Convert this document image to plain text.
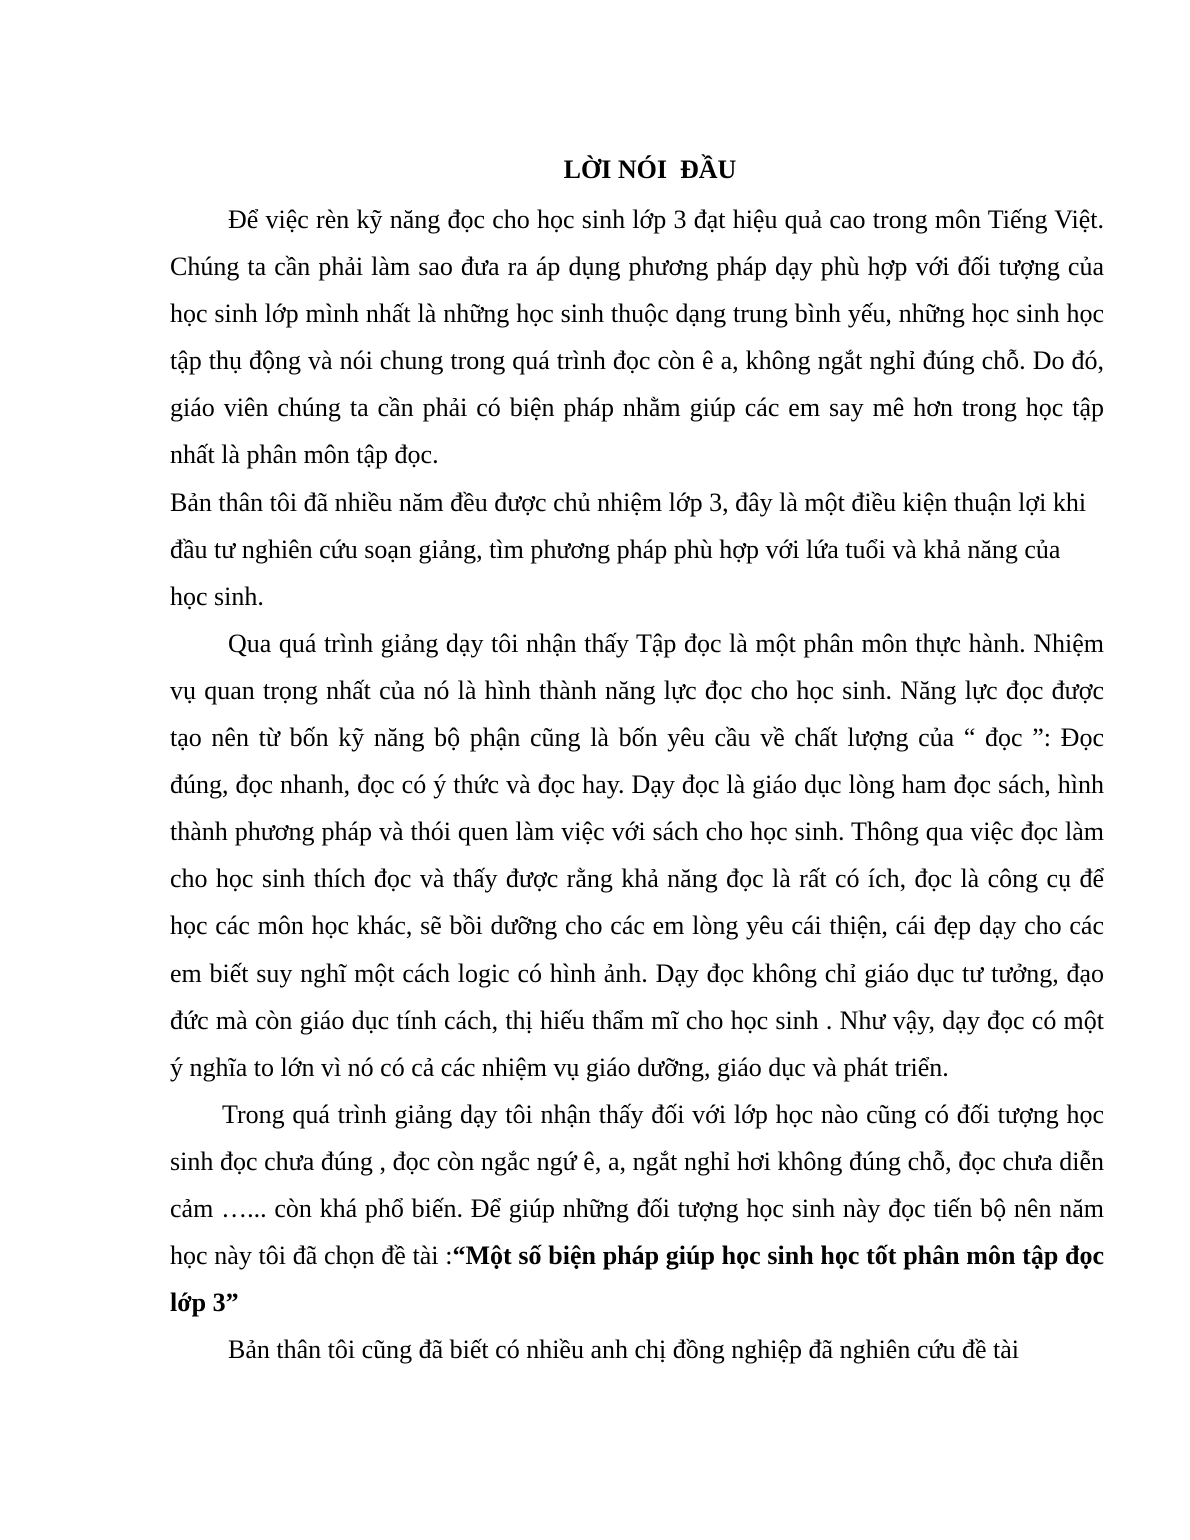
LỜI NÓI  ĐẦU

Để việc rèn kỹ năng đọc cho học sinh lớp 3 đạt hiệu quả cao trong môn Tiếng Việt. Chúng ta cần phải làm sao đưa ra áp dụng phương pháp dạy phù hợp với đối tượng của học sinh lớp mình nhất là những học sinh thuộc dạng trung bình yếu, những học sinh học tập thụ động và nói chung trong quá trình đọc còn ê a, không ngắt nghỉ đúng chỗ. Do đó, giáo viên chúng ta cần phải có biện pháp nhằm giúp các em say mê hơn trong học tập nhất là phân môn tập đọc.

Bản thân tôi đã nhiều năm đều được chủ nhiệm lớp 3, đây là một điều kiện thuận lợi khi đầu tư nghiên cứu soạn giảng, tìm phương pháp phù hợp với lứa tuổi và khả năng của học sinh.

Qua quá trình giảng dạy tôi nhận thấy Tập đọc là một phân môn thực hành. Nhiệm vụ quan trọng nhất của nó là hình thành năng lực đọc cho học sinh. Năng lực đọc được tạo nên từ bốn kỹ năng bộ phận cũng là bốn yêu cầu về chất lượng của “ đọc ”: Đọc đúng, đọc nhanh, đọc có ý thức và đọc hay. Dạy đọc là giáo dục lòng ham đọc sách, hình thành phương pháp và thói quen làm việc với sách cho học sinh. Thông qua việc đọc làm cho học sinh thích đọc và thấy được rằng khả năng đọc là rất có ích, đọc là công cụ để học các môn học khác, sẽ bồi dưỡng cho các em lòng yêu cái thiện, cái đẹp dạy cho các em biết suy nghĩ một cách logic có hình ảnh. Dạy đọc không chỉ giáo dục tư tưởng, đạo đức mà còn giáo dục tính cách, thị hiếu thẩm mĩ cho học sinh . Như vậy, dạy đọc có một ý nghĩa to lớn vì nó có cả các nhiệm vụ giáo dưỡng, giáo dục và phát triển.

Trong quá trình giảng dạy tôi nhận thấy đối với lớp học nào cũng có đối tượng học sinh đọc chưa đúng , đọc còn ngắc ngứ ê, a, ngắt nghỉ hơi không đúng chỗ, đọc chưa diễn cảm …... còn khá phổ biến. Để giúp những đối tượng học sinh này đọc tiến bộ nên năm học này tôi đã chọn đề tài :“Một số biện pháp giúp học sinh học tốt phân môn tập đọc lớp 3”

Bản thân tôi cũng đã biết có nhiều anh chị đồng nghiệp đã nghiên cứu đề tài
